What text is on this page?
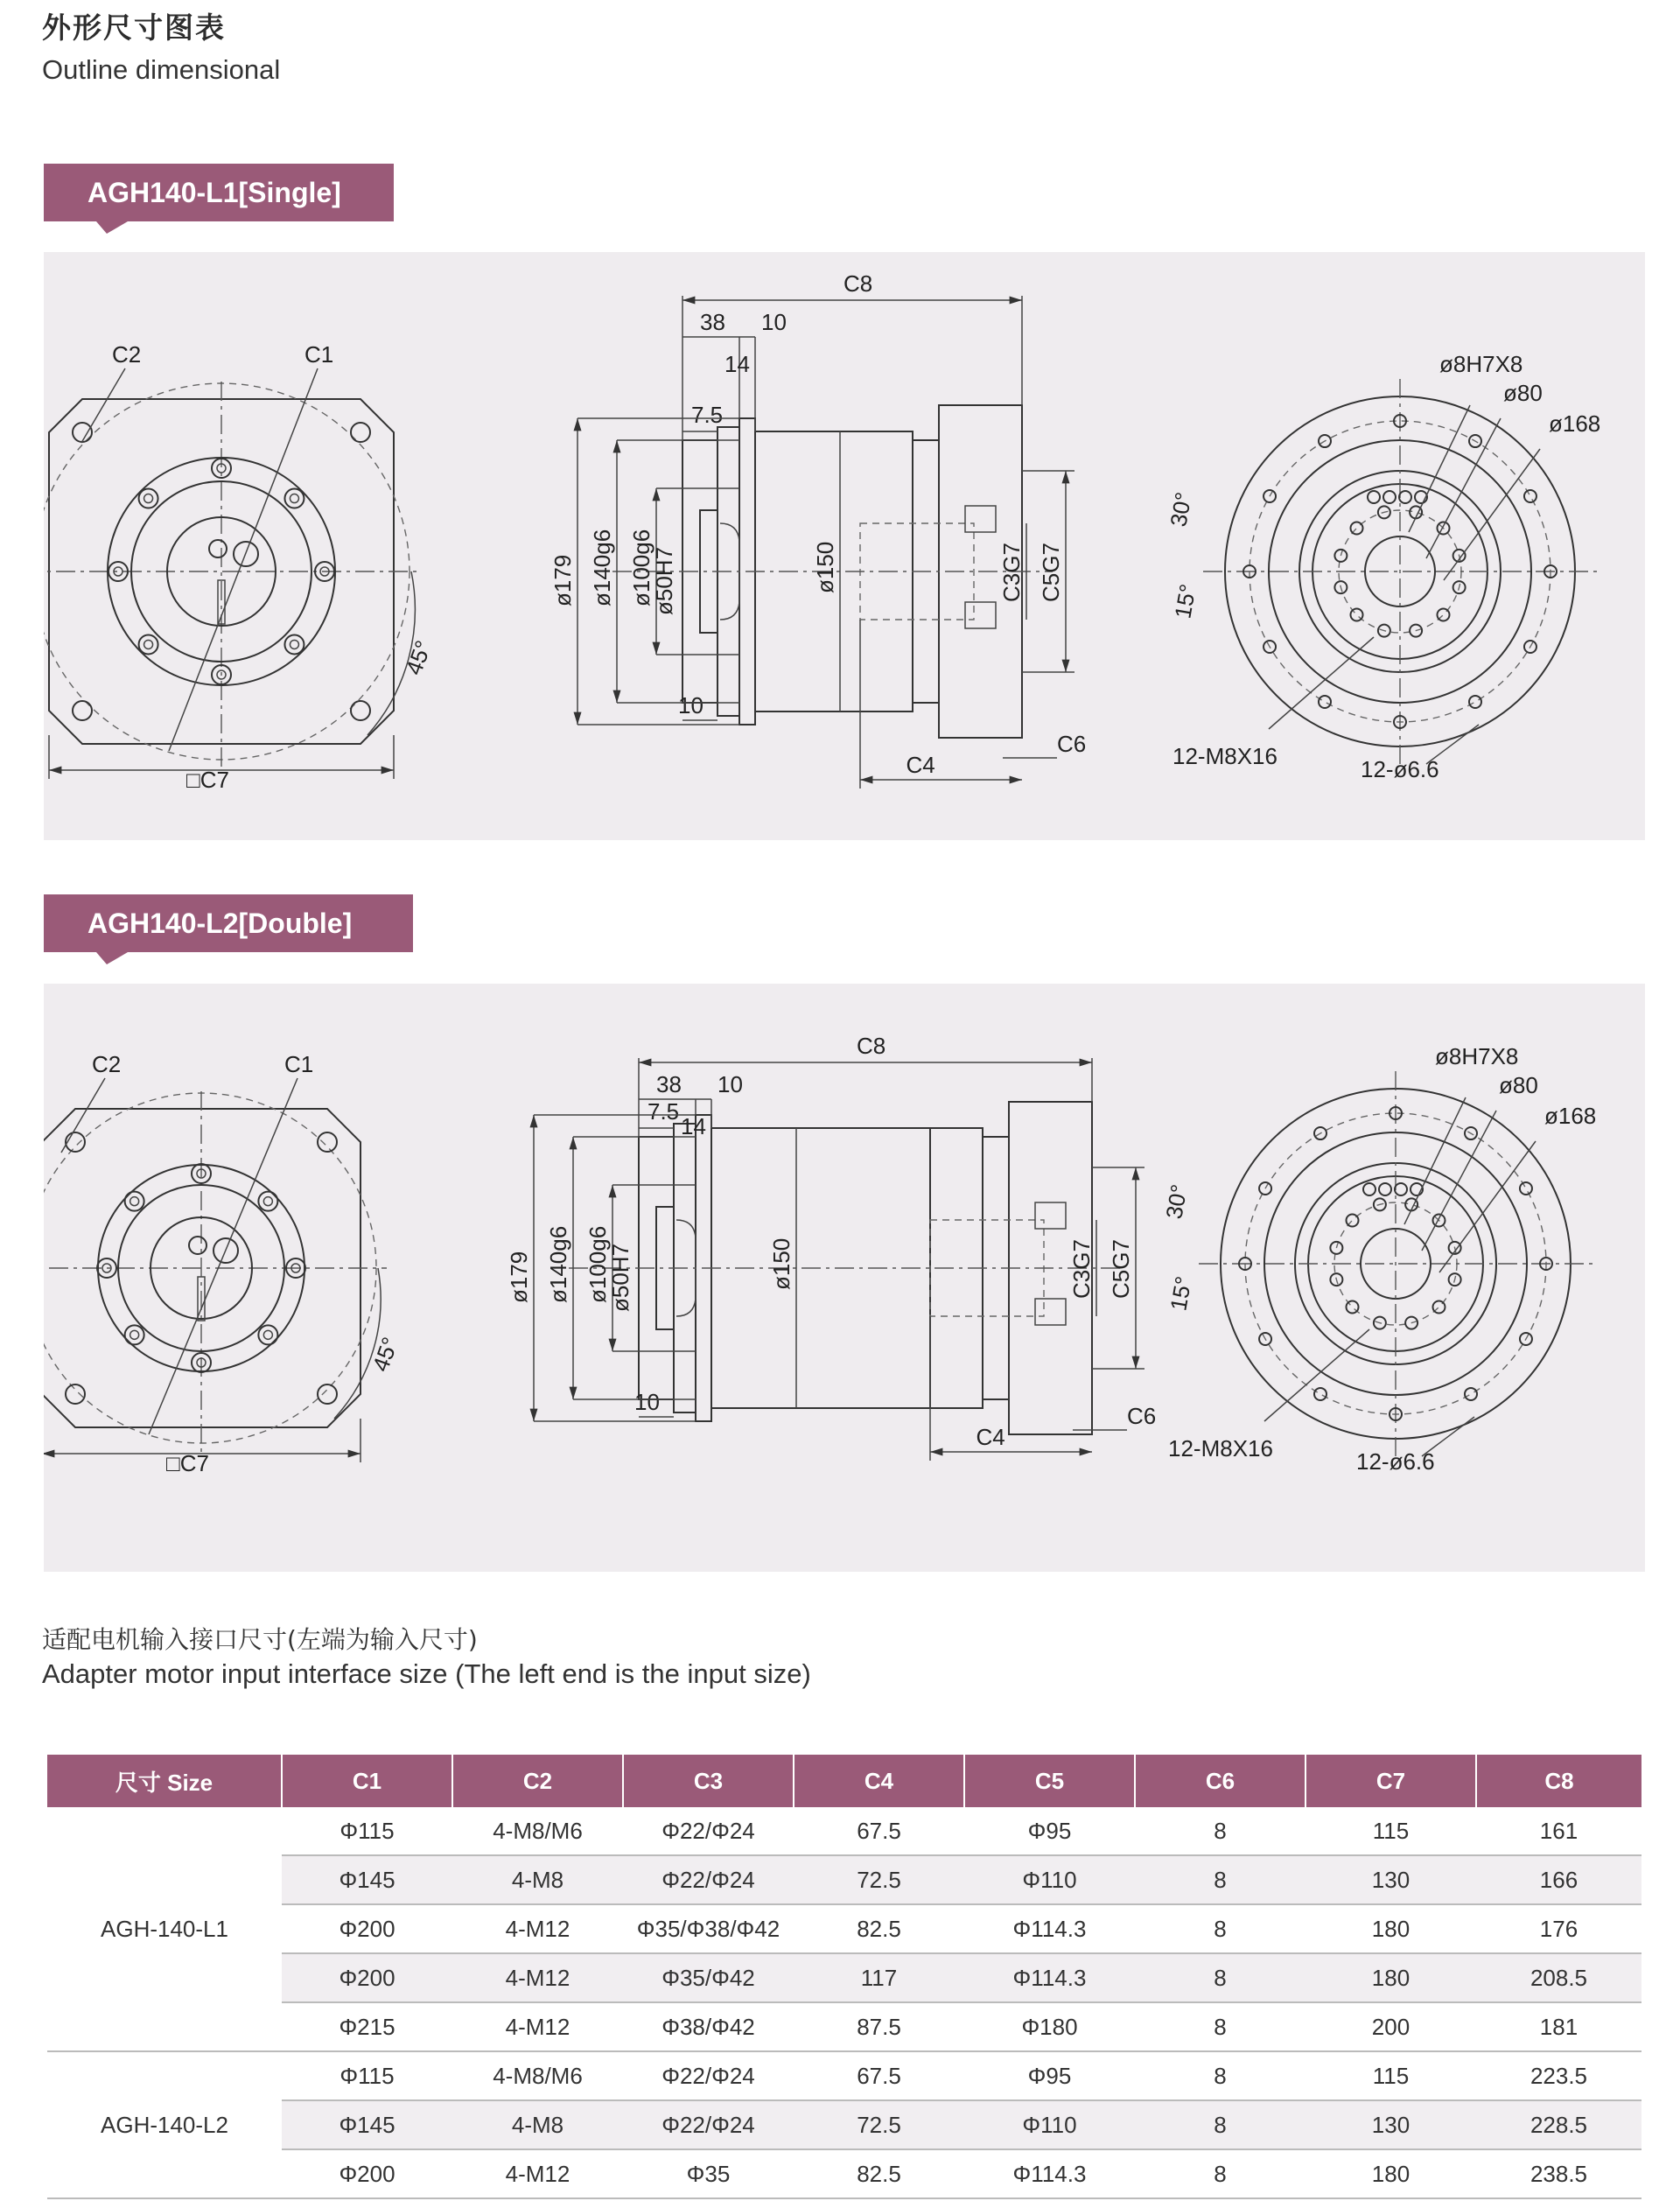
外形尺寸图表
Outline dimensional
AGH140-L1[Single]
C1
C2
45°
□C7
C8
38 10
14
7.5
10
ø179 ø140g6 ø100g6
ø50H7	ø150	C3G7 C5G7
C4
C6
ø8H7X8
ø80
ø168
30°
15°
12-M8X16	12-ø6.6
AGH140-L2[Double]
C1
C2
45°
□C7
C8
38 10
14
7.5
10
ø179 ø140g6 ø100g6
ø50H7	ø150	C3G7 C5G7
C4
C6
ø8H7X8
ø80
ø168
30°
15°
12-M8X16	12-ø6.6
适配电机输入接口尺寸(左端为输入尺寸)
Adapter motor input interface size (The left end is the input size)
尺寸 Size	C1	C2	C3	C4	C5	C6	C7	C8
AGH-140-L1	Φ115	4-M8/M6	Φ22/Φ24	67.5	Φ95	8	115	161
	Φ145	4-M8	Φ22/Φ24	72.5	Φ110	8	130	166
	Φ200	4-M12	Φ35/Φ38/Φ42	82.5	Φ114.3	8	180	176
	Φ200	4-M12	Φ35/Φ42	117	Φ114.3	8	180	208.5
	Φ215	4-M12	Φ38/Φ42	87.5	Φ180	8	200	181
AGH-140-L2	Φ115	4-M8/M6	Φ22/Φ24	67.5	Φ95	8	115	223.5
	Φ145	4-M8	Φ22/Φ24	72.5	Φ110	8	130	228.5
	Φ200	4-M12	Φ35	82.5	Φ114.3	8	180	238.5
